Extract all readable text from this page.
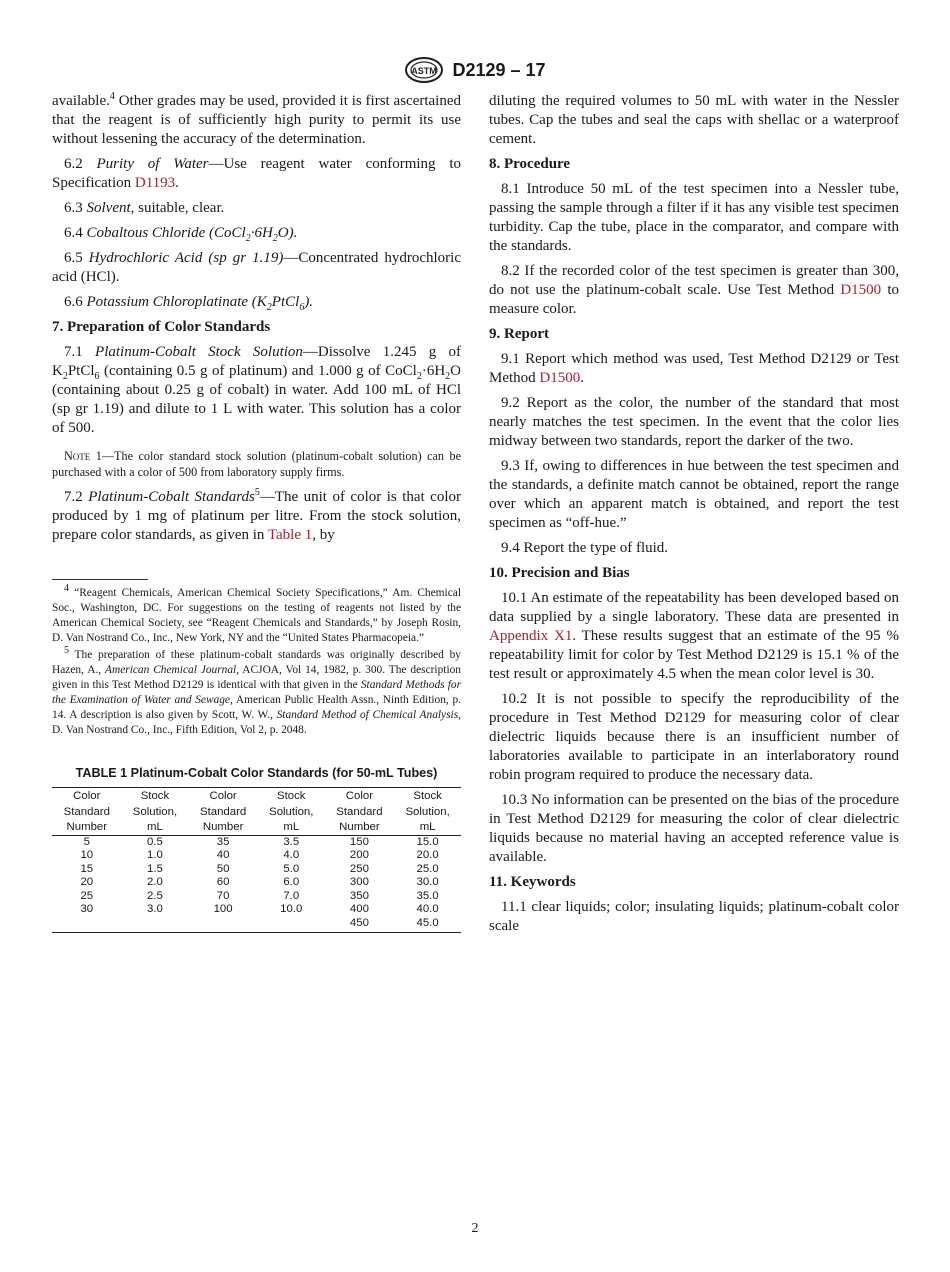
ASTM D2129 – 17

available.$^4$ Other grades may be used, provided it is first ascertained that the reagent is of sufficiently high purity to permit its use without lessening the accuracy of the determination.

6.2 Purity of Water—Use reagent water conforming to Specification D1193.

6.3 Solvent, suitable, clear.

6.4 Cobaltous Chloride $(CoCl_2\cdot 6H_2O)$.

6.5 Hydrochloric Acid (sp gr 1.19)—Concentrated hydrochloric acid (HCl).

6.6 Potassium Chloroplatinate $(K_2PtCl_6)$.

7. Preparation of Color Standards

7.1 Platinum-Cobalt Stock Solution—Dissolve 1.245 g of $K_2PtCl_6$ (containing 0.5 g of platinum) and 1.000 g of $CoCl_2\cdot 6H_2O$ (containing about 0.25 g of cobalt) in water. Add 100 mL of HCl (sp gr 1.19) and dilute to 1 L with water. This solution has a color of 500.

Note 1—The color standard stock solution (platinum-cobalt solution) can be purchased with a color of 500 from laboratory supply firms.

7.2 Platinum-Cobalt Standards$^5$—The unit of color is that color produced by 1 mg of platinum per litre. From the stock solution, prepare color standards, as given in Table 1, by

$^4$ “Reagent Chemicals, American Chemical Society Specifications,” Am. Chemical Soc., Washington, DC. For suggestions on the testing of reagents not listed by the American Chemical Society, see “Reagent Chemicals and Standards,” by Joseph Rosin, D. Van Nostrand Co., Inc., New York, NY and the “United States Pharmacopeia.”

$^5$ The preparation of these platinum-cobalt standards was originally described by Hazen, A., American Chemical Journal, ACJOA, Vol 14, 1982, p. 300. The description given in this Test Method D2129 is identical with that given in the Standard Methods for the Examination of Water and Sewage, American Public Health Assn., Ninth Edition, p. 14. A description is also given by Scott, W. W., Standard Method of Chemical Analysis, D. Van Nostrand Co., Inc., Fifth Edition, Vol 2, p. 2048.

TABLE 1 Platinum-Cobalt Color Standards (for 50-mL Tubes)
Color	Stock	Color	Stock	Color	Stock
Standard	Solution,	Standard	Solution,	Standard	Solution,
Number	mL	Number	mL	Number	mL
5	0.5	35	3.5	150	15.0
10	1.0	40	4.0	200	20.0
15	1.5	50	5.0	250	25.0
20	2.0	60	6.0	300	30.0
25	2.5	70	7.0	350	35.0
30	3.0	100	10.0	400	40.0
				450	45.0

diluting the required volumes to 50 mL with water in the Nessler tubes. Cap the tubes and seal the caps with shellac or a waterproof cement.

8. Procedure

8.1 Introduce 50 mL of the test specimen into a Nessler tube, passing the sample through a filter if it has any visible test specimen turbidity. Cap the tube, place in the comparator, and compare with the standards.

8.2 If the recorded color of the test specimen is greater than 300, do not use the platinum-cobalt scale. Use Test Method D1500 to measure color.

9. Report

9.1 Report which method was used, Test Method D2129 or Test Method D1500.

9.2 Report as the color, the number of the standard that most nearly matches the test specimen. In the event that the color lies midway between two standards, report the darker of the two.

9.3 If, owing to differences in hue between the test specimen and the standards, a definite match cannot be obtained, report the range over which an apparent match is obtained, and report the test specimen as “off-hue.”

9.4 Report the type of fluid.

10. Precision and Bias

10.1 An estimate of the repeatability has been developed based on data supplied by a single laboratory. These data are presented in Appendix X1. These results suggest that an estimate of the 95 % repeatability limit for color by Test Method D2129 is 15.1 % of the test result or approximately 4.5 when the mean color level is 30.

10.2 It is not possible to specify the reproducibility of the procedure in Test Method D2129 for measuring color of clear dielectric liquids because there is an insufficient number of laboratories available to participate in an interlaboratory round robin program required to produce the necessary data.

10.3 No information can be presented on the bias of the procedure in Test Method D2129 for measuring the color of clear dielectric liquids because no material having an accepted reference value is available.

11. Keywords

11.1 clear liquids; color; insulating liquids; platinum-cobalt color scale

2
